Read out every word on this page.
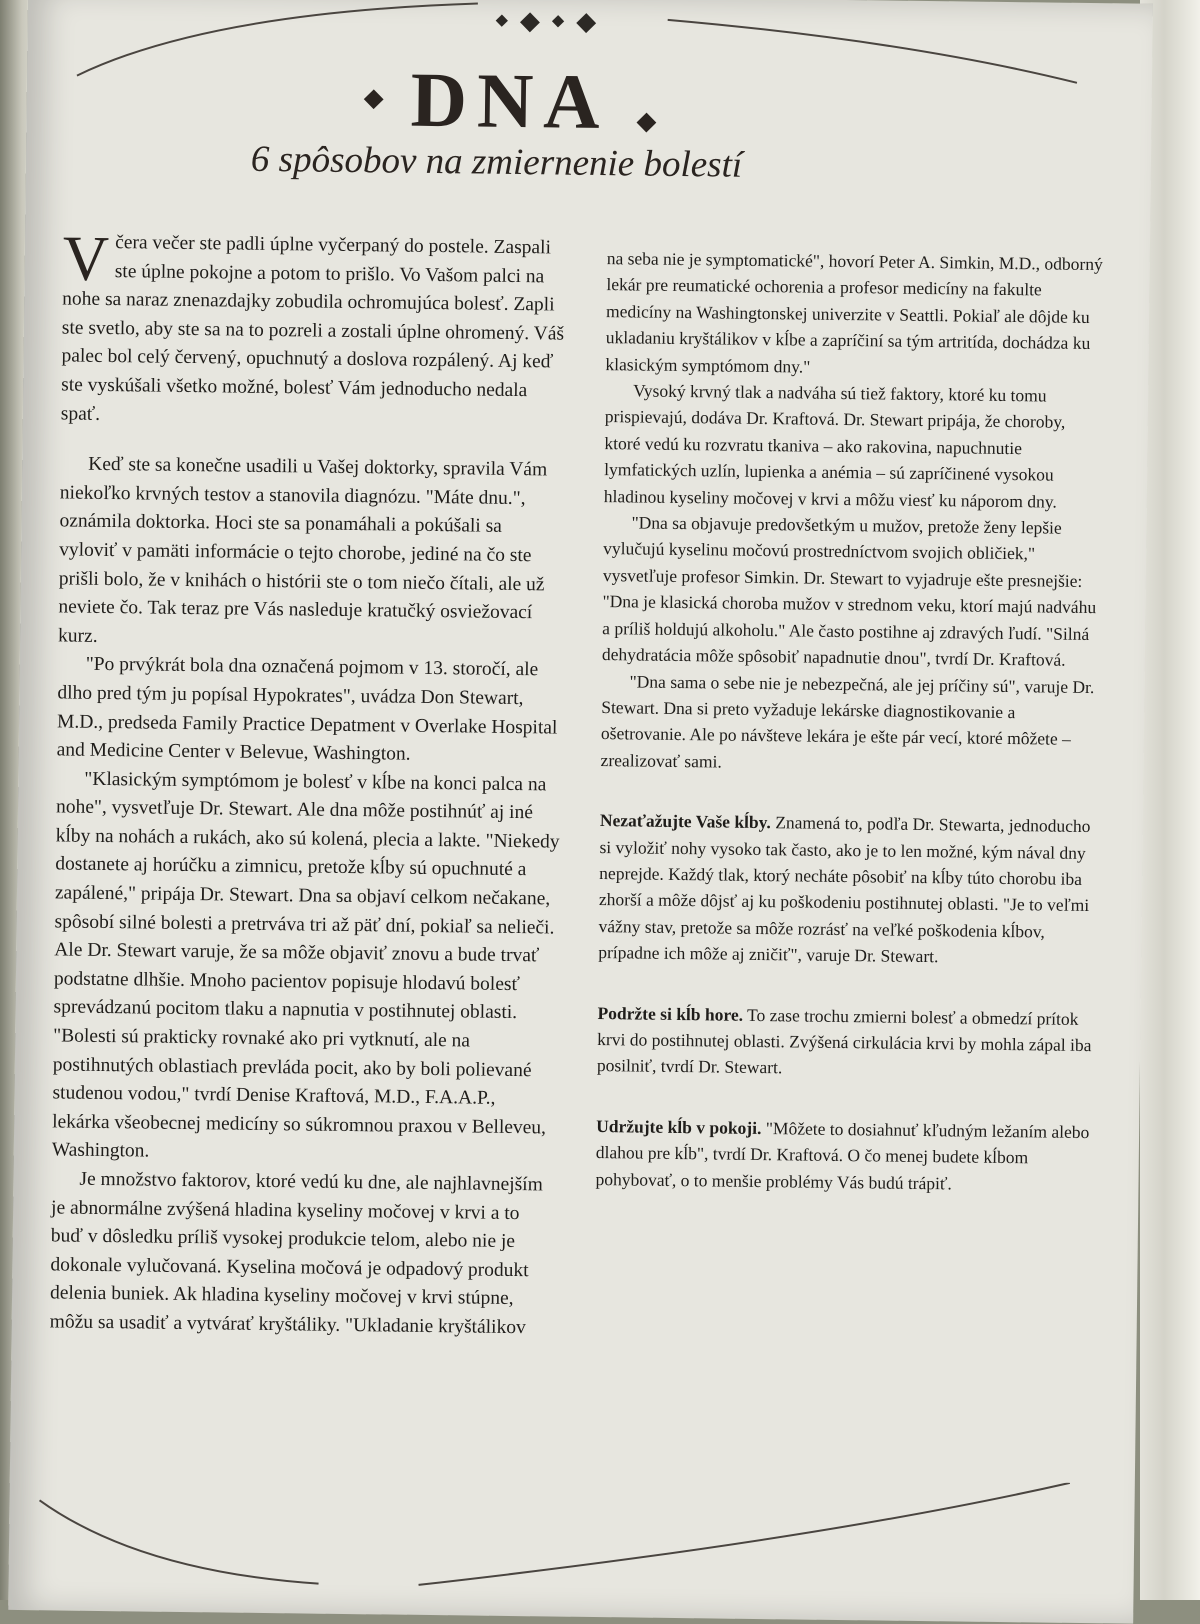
◆ ◆ ◆ ◆
DNA
6 spôsobov na zmiernenie bolestí

Včera večer ste padli úplne vyčerpaný do postele. Zaspali ste úplne pokojne a potom to prišlo. Vo Vašom palci na nohe sa naraz znenazdajky zobudila ochromujúca bolesť. Zapli ste svetlo, aby ste sa na to pozreli a zostali úplne ohromený. Váš palec bol celý červený, opuchnutý a doslova rozpálený. Aj keď ste vyskúšali všetko možné, bolesť Vám jednoducho nedala spať.

Keď ste sa konečne usadili u Vašej doktorky, spravila Vám niekoľko krvných testov a stanovila diagnózu. "Máte dnu.", oznámila doktorka. Hoci ste sa ponamáhali a pokúšali sa vyloviť v pamäti informácie o tejto chorobe, jediné na čo ste prišli bolo, že v knihách o histórii ste o tom niečo čítali, ale už neviete čo. Tak teraz pre Vás nasleduje kratučký osviežovací kurz.

"Po prvýkrát bola dna označená pojmom v 13. storočí, ale dlho pred tým ju popísal Hypokrates", uvádza Don Stewart, M.D., predseda Family Practice Depatment v Overlake Hospital and Medicine Center v Belevue, Washington.

"Klasickým symptómom je bolesť v kĺbe na konci palca na nohe", vysvetľuje Dr. Stewart. Ale dna môže postihnúť aj iné kĺby na nohách a rukách, ako sú kolená, plecia a lakte. "Niekedy dostanete aj horúčku a zimnicu, pretože kĺby sú opuchnuté a zapálené," pripája Dr. Stewart. Dna sa objaví celkom nečakane, spôsobí silné bolesti a pretrváva tri až päť dní, pokiaľ sa nelieči. Ale Dr. Stewart varuje, že sa môže objaviť znovu a bude trvať podstatne dlhšie. Mnoho pacientov popisuje hlodavú bolesť sprevádzanú pocitom tlaku a napnutia v postihnutej oblasti. "Bolesti sú prakticky rovnaké ako pri vytknutí, ale na postihnutých oblastiach prevláda pocit, ako by boli polievané studenou vodou," tvrdí Denise Kraftová, M.D., F.A.A.P., lekárka všeobecnej medicíny so súkromnou praxou v Belleveu, Washington.

Je množstvo faktorov, ktoré vedú ku dne, ale najhlavnejším je abnormálne zvýšená hladina kyseliny močovej v krvi a to buď v dôsledku príliš vysokej produkcie telom, alebo nie je dokonale vylučovaná. Kyselina močová je odpadový produkt delenia buniek. Ak hladina kyseliny močovej v krvi stúpne, môžu sa usadiť a vytvárať kryštáliky. "Ukladanie kryštálikov

na seba nie je symptomatické", hovorí Peter A. Simkin, M.D., odborný lekár pre reumatické ochorenia a profesor medicíny na fakulte medicíny na Washingtonskej univerzite v Seattli. Pokiaľ ale dôjde ku ukladaniu kryštálikov v kĺbe a zapríčiní sa tým artritída, dochádza ku klasickým symptómom dny."

Vysoký krvný tlak a nadváha sú tiež faktory, ktoré ku tomu prispievajú, dodáva Dr. Kraftová. Dr. Stewart pripája, že choroby, ktoré vedú ku rozvratu tkaniva – ako rakovina, napuchnutie lymfatických uzlín, lupienka a anémia – sú zapríčinené vysokou hladinou kyseliny močovej v krvi a môžu viesť ku náporom dny.

"Dna sa objavuje predovšetkým u mužov, pretože ženy lepšie vylučujú kyselinu močovú prostredníctvom svojich obličiek," vysvetľuje profesor Simkin. Dr. Stewart to vyjadruje ešte presnejšie: "Dna je klasická choroba mužov v strednom veku, ktorí majú nadváhu a príliš holdujú alkoholu." Ale často postihne aj zdravých ľudí. "Silná dehydratácia môže spôsobiť napadnutie dnou", tvrdí Dr. Kraftová.

"Dna sama o sebe nie je nebezpečná, ale jej príčiny sú", varuje Dr. Stewart. Dna si preto vyžaduje lekárske diagnostikovanie a ošetrovanie. Ale po návšteve lekára je ešte pár vecí, ktoré môžete –zrealizovať sami.

Nezaťažujte Vaše kĺby. Znamená to, podľa Dr. Stewarta, jednoducho si vyložiť nohy vysoko tak často, ako je to len možné, kým nával dny neprejde. Každý tlak, ktorý necháte pôsobiť na kĺby túto chorobu iba zhorší a môže dôjsť aj ku poškodeniu postihnutej oblasti. "Je to veľmi vážny stav, pretože sa môže rozrásť na veľké poškodenia kĺbov, prípadne ich môže aj zničiť", varuje Dr. Stewart.

Podržte si kĺb hore. To zase trochu zmierni bolesť a obmedzí prítok krvi do postihnutej oblasti. Zvýšená cirkulácia krvi by mohla zápal iba posilniť, tvrdí Dr. Stewart.

Udržujte kĺb v pokoji. "Môžete to dosiahnuť kľudným ležaním alebo dlahou pre kĺb", tvrdí Dr. Kraftová. O čo menej budete kĺbom pohybovať, o to menšie problémy Vás budú trápiť.
